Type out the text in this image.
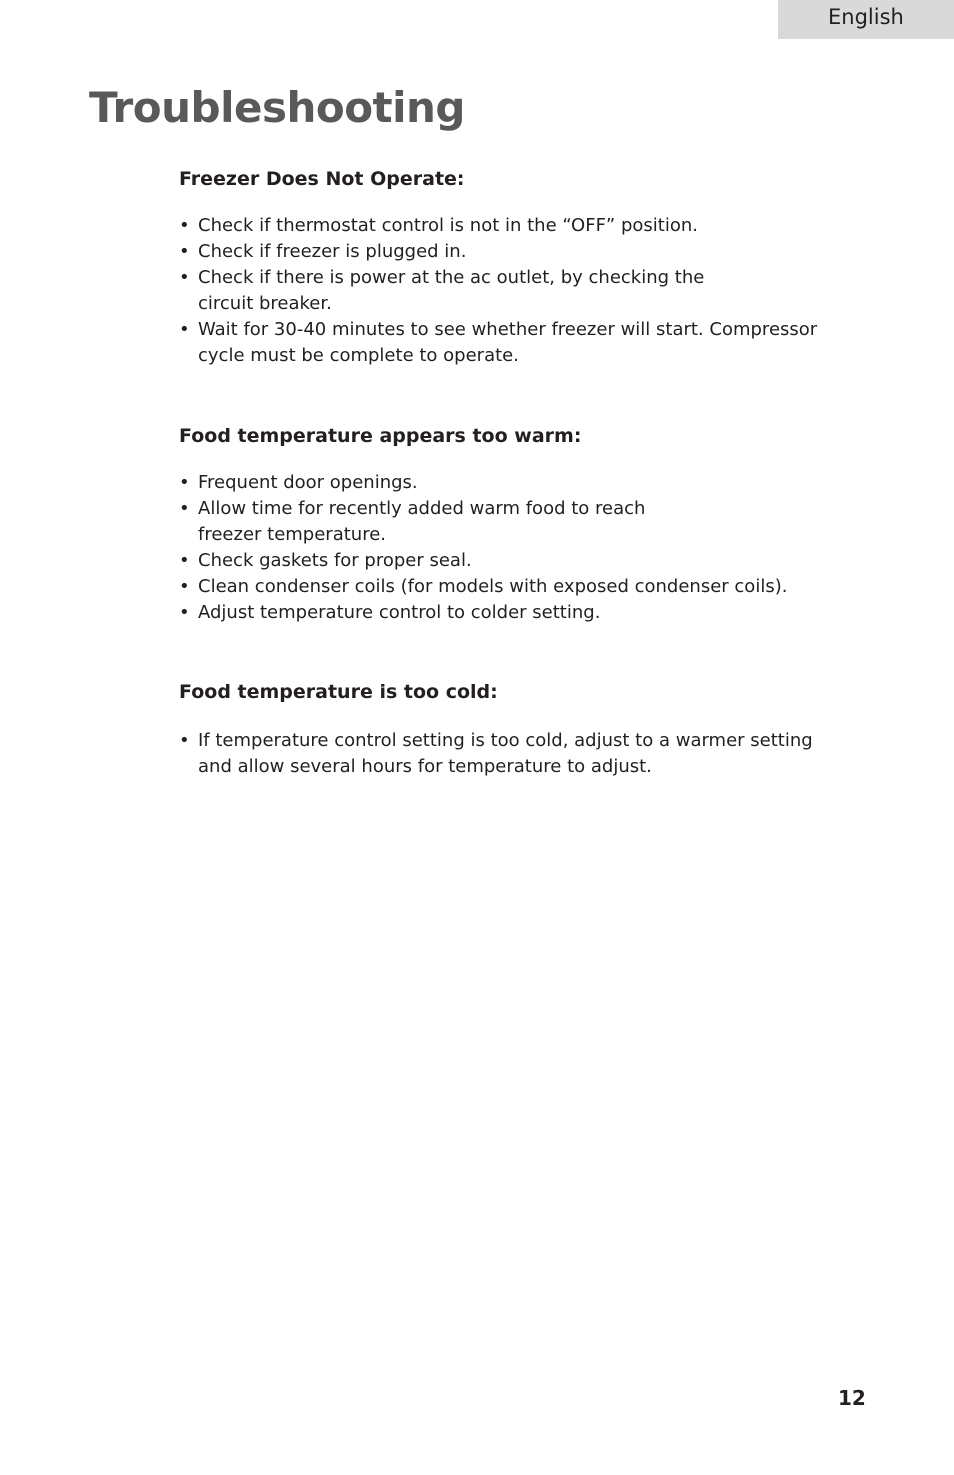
English
Troubleshooting
Freezer Does Not Operate:
• Check if thermostat control is not in the “OFF” position.
• Check if freezer is plugged in.
• Check if there is power at the ac outlet, by checking the
circuit breaker.
• Wait for 30-40 minutes to see whether freezer will start. Compressor
cycle must be complete to operate.
Food temperature appears too warm:
• Frequent door openings.
• Allow time for recently added warm food to reach
freezer temperature.
• Check gaskets for proper seal.
• Clean condenser coils (for models with exposed condenser coils).
• Adjust temperature control to colder setting.
Food temperature is too cold:
• If temperature control setting is too cold, adjust to a warmer setting
and allow several hours for temperature to adjust.
12
